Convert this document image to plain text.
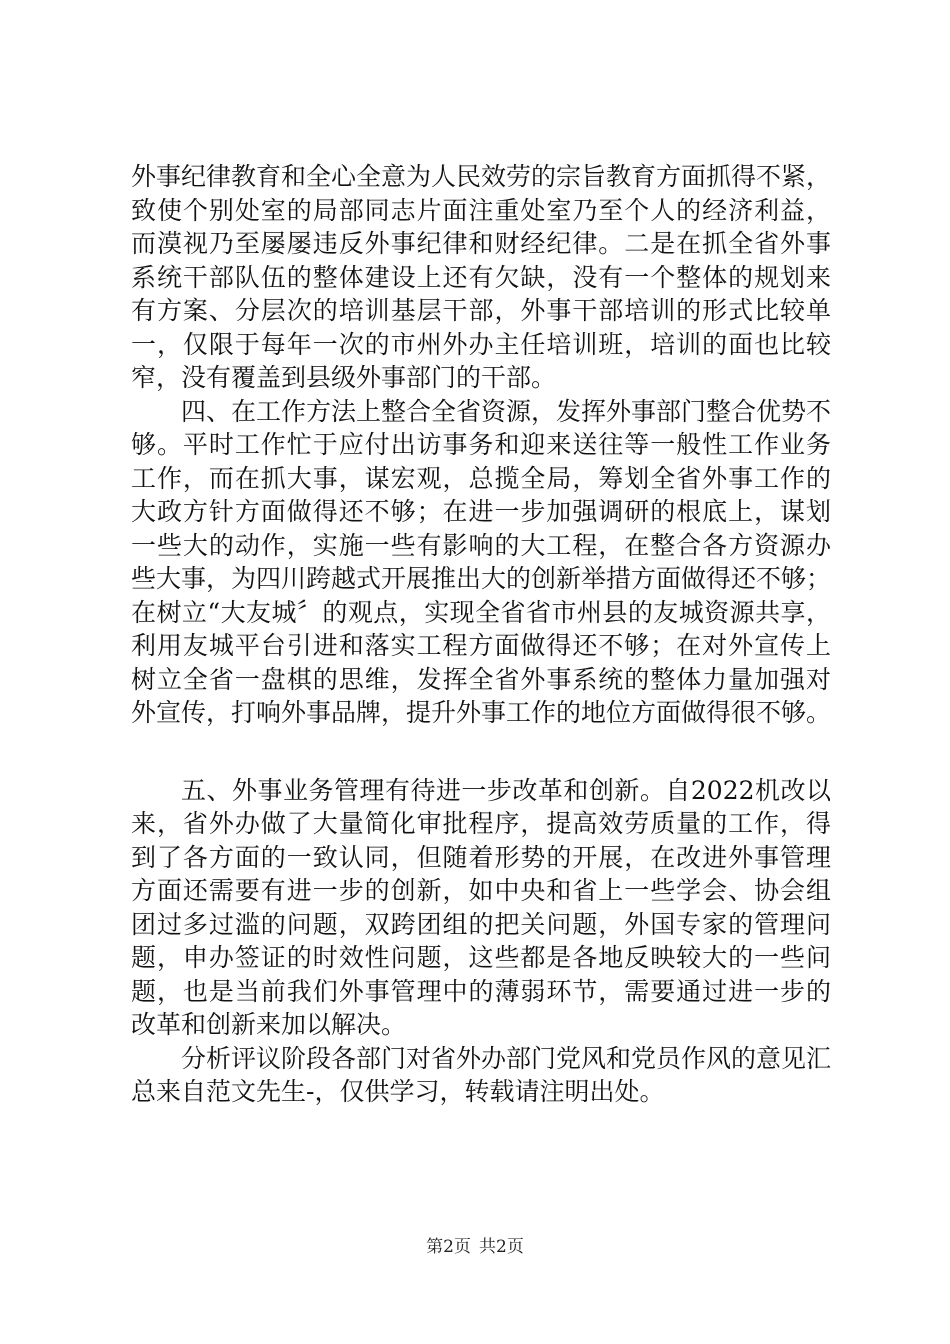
外事纪律教育和全心全意为人民效劳的宗旨教育方面抓得不紧，
致使个别处室的局部同志片面注重处室乃至个人的经济利益，
而漠视乃至屡屡违反外事纪律和财经纪律。二是在抓全省外事
系统干部队伍的整体建设上还有欠缺，没有一个整体的规划来
有方案、分层次的培训基层干部，外事干部培训的形式比较单
一，仅限于每年一次的市州外办主任培训班，培训的面也比较
窄，没有覆盖到县级外事部门的干部。
四、在工作方法上整合全省资源，发挥外事部门整合优势不
够。平时工作忙于应付出访事务和迎来送往等一般性工作业务
工作，而在抓大事，谋宏观，总揽全局，筹划全省外事工作的
大政方针方面做得还不够；在进一步加强调研的根底上，谋划
一些大的动作，实施一些有影响的大工程，在整合各方资源办
些大事，为四川跨越式开展推出大的创新举措方面做得还不够；
在树立“大友城〞的观点，实现全省省市州县的友城资源共享，
利用友城平台引进和落实工程方面做得还不够；在对外宣传上
树立全省一盘棋的思维，发挥全省外事系统的整体力量加强对
外宣传，打响外事品牌，提升外事工作的地位方面做得很不够。
五、外事业务管理有待进一步改革和创新。自2022机改以
来，省外办做了大量简化审批程序，提高效劳质量的工作，得
到了各方面的一致认同，但随着形势的开展，在改进外事管理
方面还需要有进一步的创新，如中央和省上一些学会、协会组
团过多过滥的问题，双跨团组的把关问题，外国专家的管理问
题，申办签证的时效性问题，这些都是各地反映较大的一些问
题，也是当前我们外事管理中的薄弱环节，需要通过进一步的
改革和创新来加以解决。
分析评议阶段各部门对省外办部门党风和党员作风的意见汇
总来自范文先生-，仅供学习，转载请注明出处。
第2页 共2页
